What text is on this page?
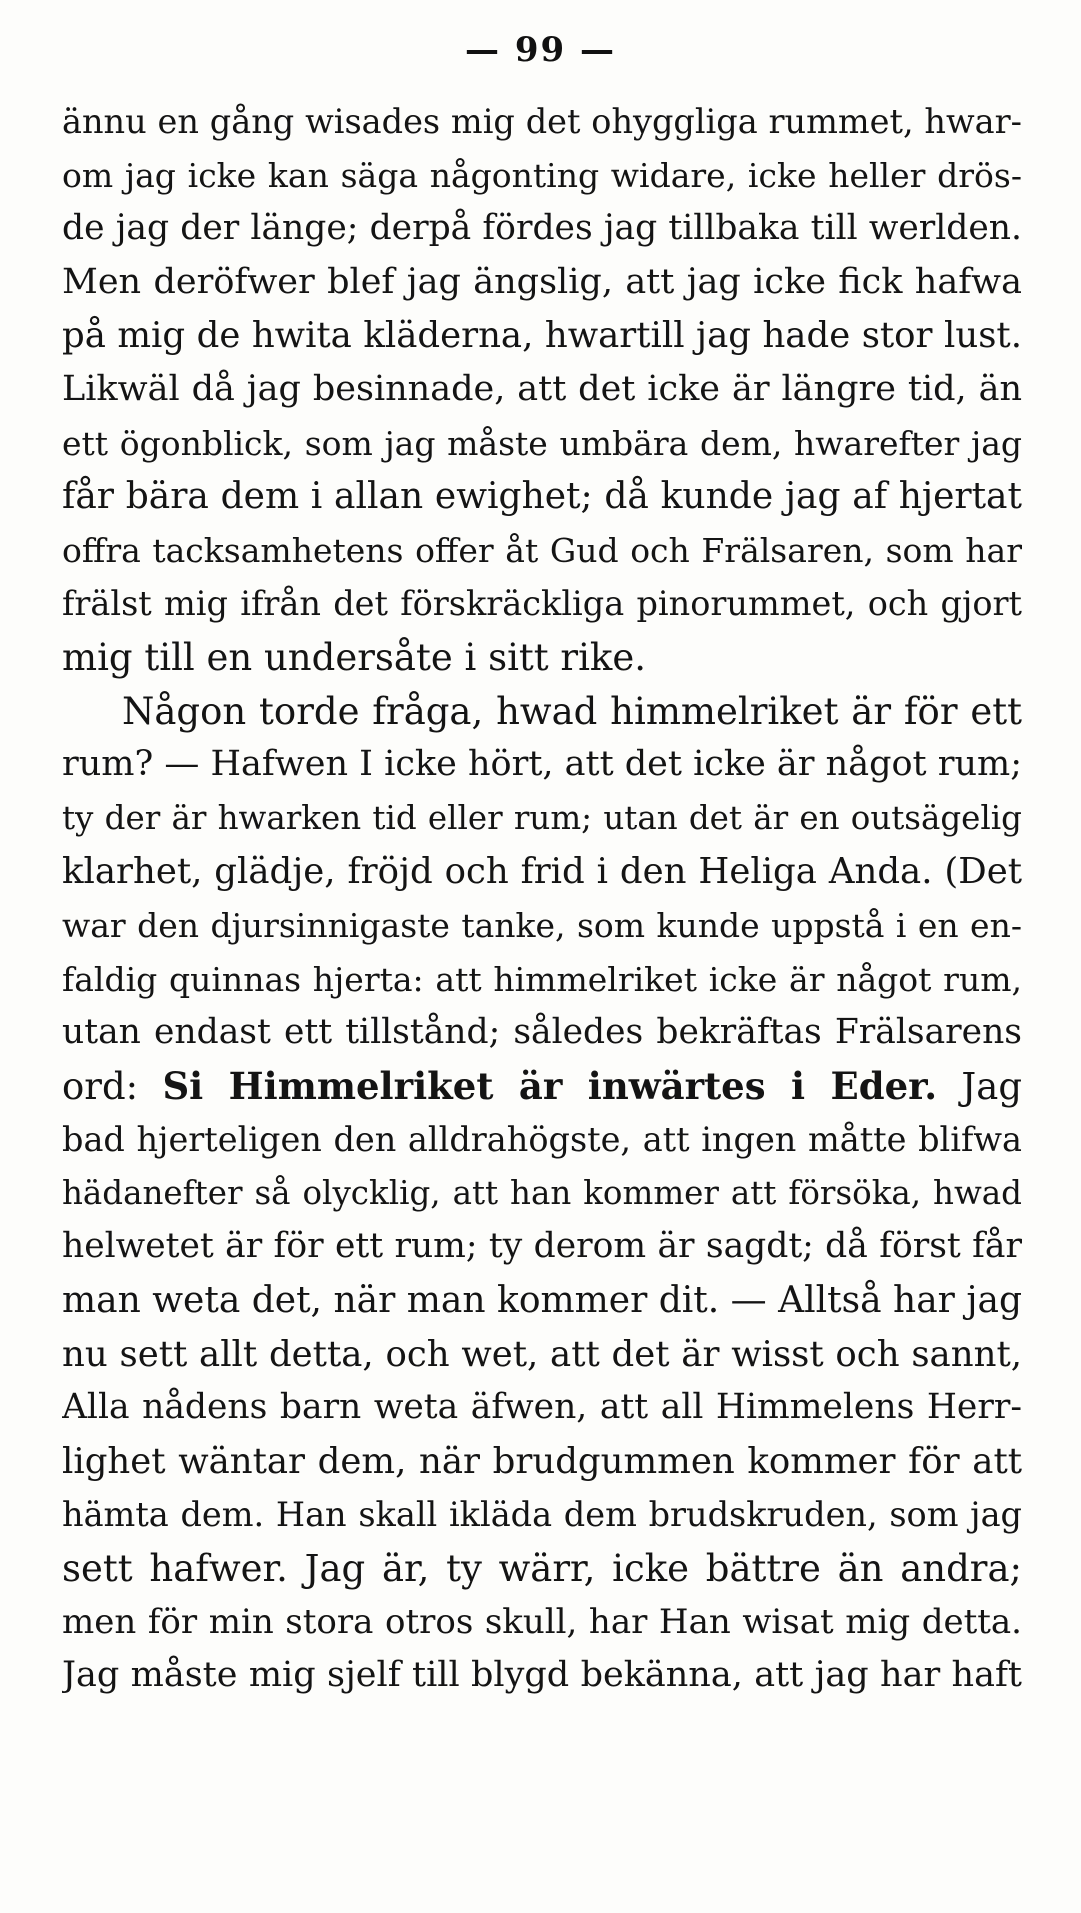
— 99 —
ännu en gång wisades mig det ohyggliga rummet, hwar-
om jag icke kan säga någonting widare, icke heller drös-
de jag der länge; derpå fördes jag tillbaka till werlden.
Men deröfwer blef jag ängslig, att jag icke fick hafwa
på mig de hwita kläderna, hwartill jag hade stor lust.
Likwäl då jag besinnade, att det icke är längre tid, än
ett ögonblick, som jag måste umbära dem, hwarefter jag
får bära dem i allan ewighet; då kunde jag af hjertat
offra tacksamhetens offer åt Gud och Frälsaren, som har
frälst mig ifrån det förskräckliga pinorummet, och gjort
mig till en undersåte i sitt rike.
Någon torde fråga, hwad himmelriket är för ett
rum? — Hafwen I icke hört, att det icke är något rum;
ty der är hwarken tid eller rum; utan det är en outsägelig
klarhet, glädje, fröjd och frid i den Heliga Anda. (Det
war den djursinnigaste tanke, som kunde uppstå i en en-
faldig quinnas hjerta: att himmelriket icke är något rum,
utan endast ett tillstånd; således bekräftas Frälsarens
ord: Si Himmelriket är inwärtes i Eder. Jag
bad hjerteligen den alldrahögste, att ingen måtte blifwa
hädanefter så olycklig, att han kommer att försöka, hwad
helwetet är för ett rum; ty derom är sagdt; då först får
man weta det, när man kommer dit. — Alltså har jag
nu sett allt detta, och wet, att det är wisst och sannt,
Alla nådens barn weta äfwen, att all Himmelens Herr-
lighet wäntar dem, när brudgummen kommer för att
hämta dem. Han skall ikläda dem brudskruden, som jag
sett hafwer. Jag är, ty wärr, icke bättre än andra;
men för min stora otros skull, har Han wisat mig detta.
Jag måste mig sjelf till blygd bekänna, att jag har haft
